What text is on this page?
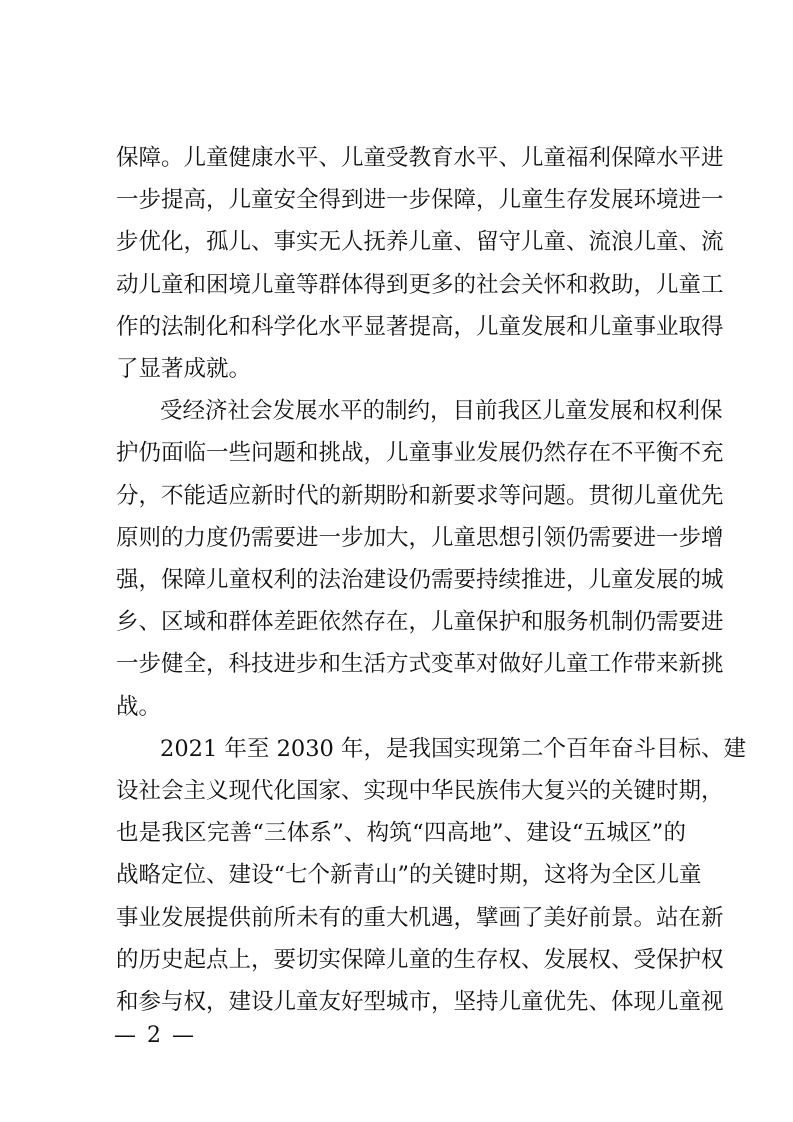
保障。儿童健康水平、儿童受教育水平、儿童福利保障水平进
一步提高，儿童安全得到进一步保障，儿童生存发展环境进一
步优化，孤儿、事实无人抚养儿童、留守儿童、流浪儿童、流
动儿童和困境儿童等群体得到更多的社会关怀和救助，儿童工
作的法制化和科学化水平显著提高，儿童发展和儿童事业取得
了显著成就。
受经济社会发展水平的制约，目前我区儿童发展和权利保
护仍面临一些问题和挑战，儿童事业发展仍然存在不平衡不充
分，不能适应新时代的新期盼和新要求等问题。贯彻儿童优先
原则的力度仍需要进一步加大，儿童思想引领仍需要进一步增
强，保障儿童权利的法治建设仍需要持续推进，儿童发展的城
乡、区域和群体差距依然存在，儿童保护和服务机制仍需要进
一步健全，科技进步和生活方式变革对做好儿童工作带来新挑
战。
2021 年至 2030 年，是我国实现第二个百年奋斗目标、建
设社会主义现代化国家、实现中华民族伟大复兴的关键时期，
也是我区完善“三体系”、构筑“四高地”、建设“五城区”的
战略定位、建设“七个新青山”的关键时期，这将为全区儿童
事业发展提供前所未有的重大机遇，擘画了美好前景。站在新
的历史起点上，要切实保障儿童的生存权、发展权、受保护权
和参与权，建设儿童友好型城市，坚持儿童优先、体现儿童视
— 2 —
